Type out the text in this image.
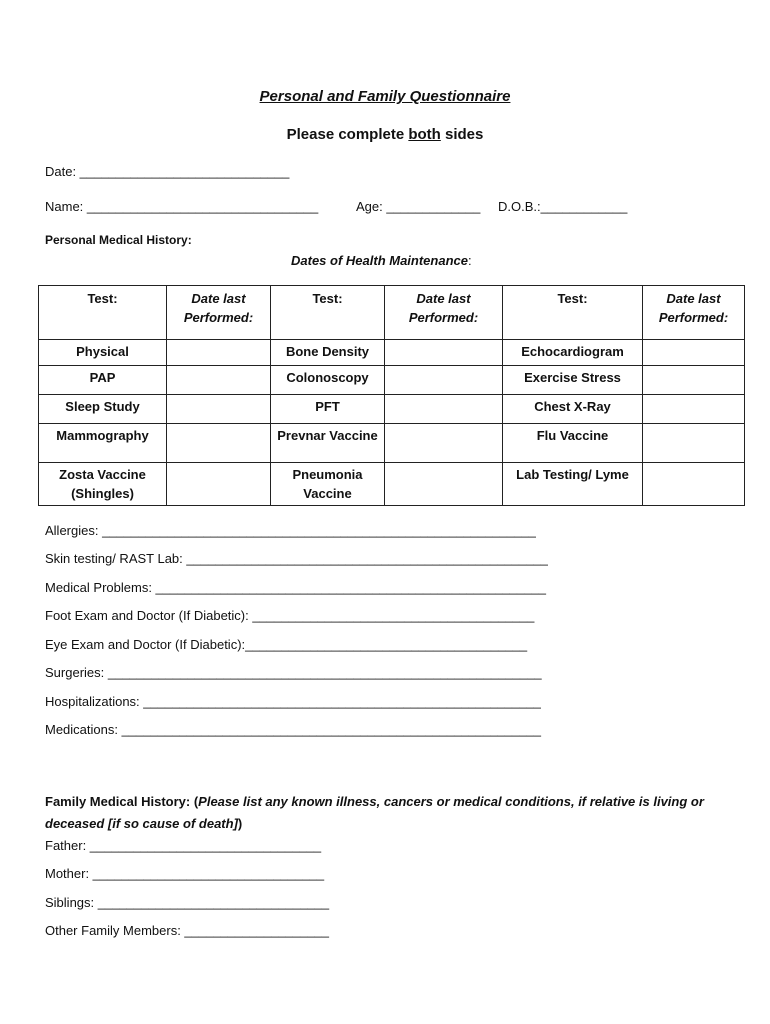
Personal and Family Questionnaire
Please complete both sides
Date: _____________________________
Name: ________________________________	Age: _____________ D.O.B.:____________
Personal Medical History:
Dates of Health Maintenance:
Test:	Date last Performed:	Test:	Date last Performed:	Test:	Date last Performed:
Physical		Bone Density		Echocardiogram	
PAP		Colonoscopy		Exercise Stress	
Sleep Study		PFT		Chest X-Ray	
Mammography		Prevnar Vaccine		Flu Vaccine	
Zosta Vaccine (Shingles)		Pneumonia Vaccine		Lab Testing/ Lyme	
Allergies: ____________________________________________________________
Skin testing/ RAST Lab: __________________________________________________
Medical Problems: ______________________________________________________
Foot Exam and Doctor (If Diabetic): _______________________________________
Eye Exam and Doctor (If Diabetic):_______________________________________
Surgeries: ____________________________________________________________
Hospitalizations: _______________________________________________________
Medications: __________________________________________________________
Family Medical History: (Please list any known illness, cancers or medical conditions, if relative is living or deceased [if so cause of death])
Father: ________________________________
Mother: ________________________________
Siblings: ________________________________
Other Family Members: ____________________
